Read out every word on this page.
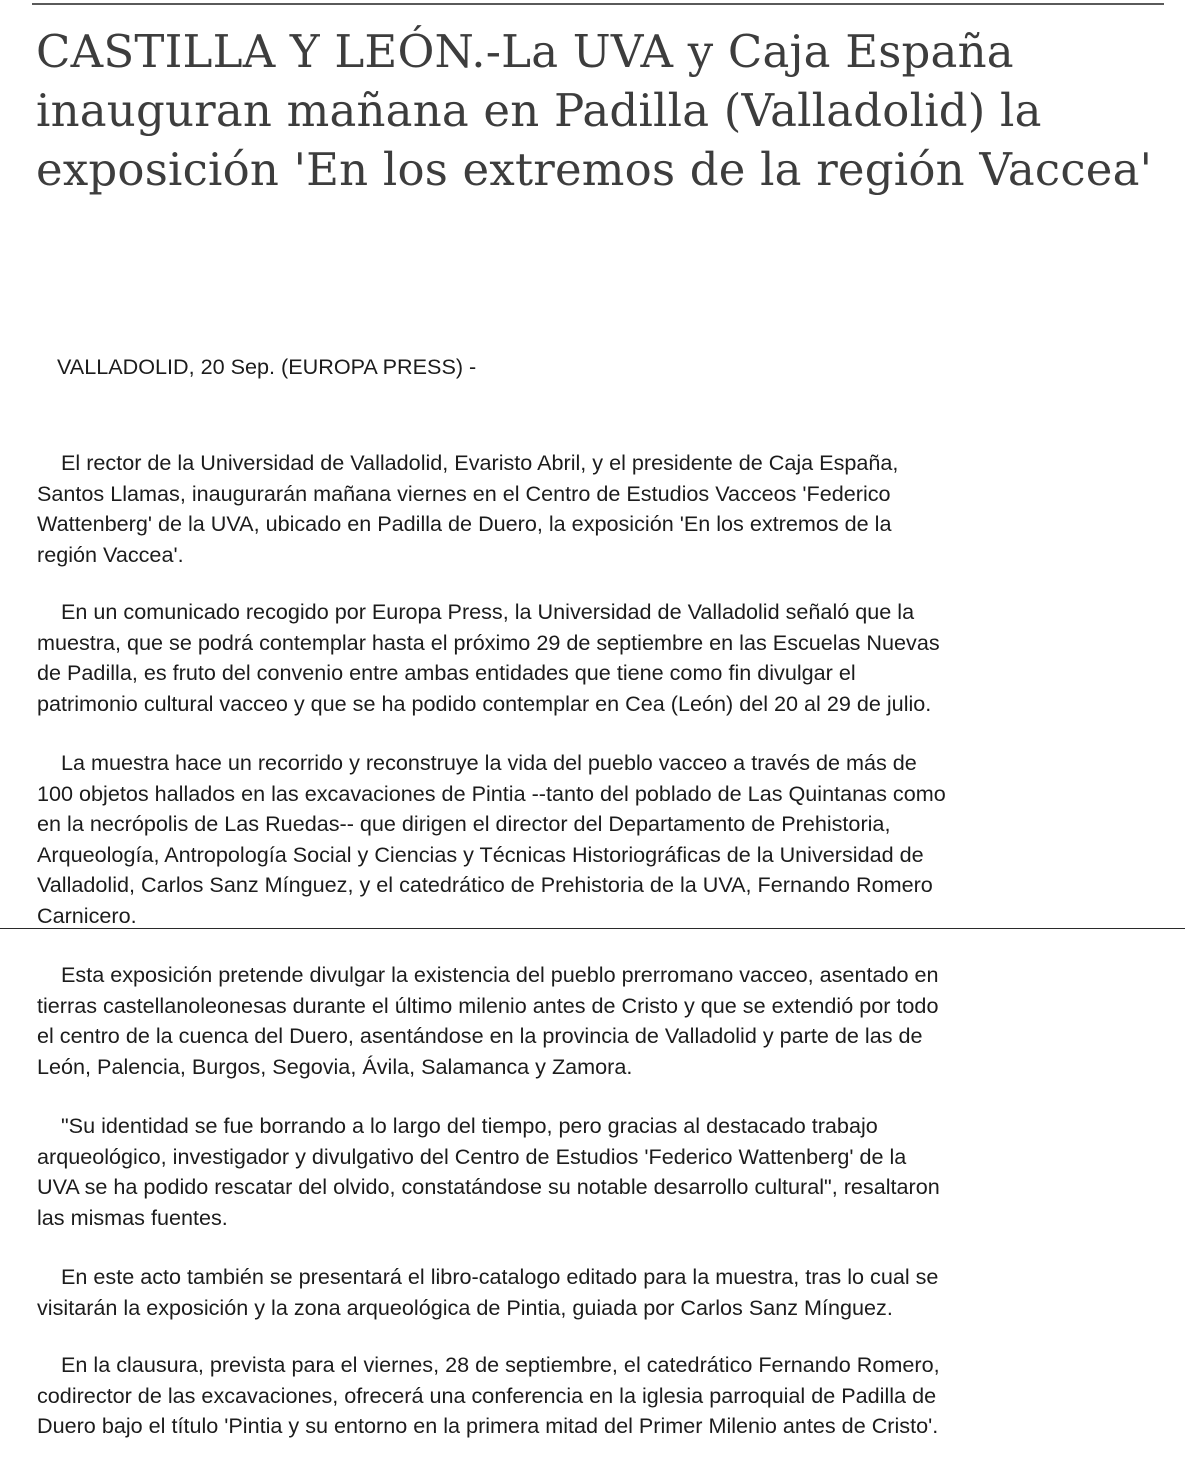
CASTILLA Y LEÓN.-La UVA y Caja España inauguran mañana en Padilla (Valladolid) la exposición 'En los extremos de la región Vaccea'

VALLADOLID, 20 Sep. (EUROPA PRESS) -

El rector de la Universidad de Valladolid, Evaristo Abril, y el presidente de Caja España,
Santos Llamas, inaugurarán mañana viernes en el Centro de Estudios Vacceos 'Federico
Wattenberg' de la UVA, ubicado en Padilla de Duero, la exposición 'En los extremos de la
región Vaccea'.

En un comunicado recogido por Europa Press, la Universidad de Valladolid señaló que la
muestra, que se podrá contemplar hasta el próximo 29 de septiembre en las Escuelas Nuevas
de Padilla, es fruto del convenio entre ambas entidades que tiene como fin divulgar el
patrimonio cultural vacceo y que se ha podido contemplar en Cea (León) del 20 al 29 de julio.

La muestra hace un recorrido y reconstruye la vida del pueblo vacceo a través de más de
100 objetos hallados en las excavaciones de Pintia --tanto del poblado de Las Quintanas como
en la necrópolis de Las Ruedas-- que dirigen el director del Departamento de Prehistoria,
Arqueología, Antropología Social y Ciencias y Técnicas Historiográficas de la Universidad de
Valladolid, Carlos Sanz Mínguez, y el catedrático de Prehistoria de la UVA, Fernando Romero
Carnicero.

Esta exposición pretende divulgar la existencia del pueblo prerromano vacceo, asentado en
tierras castellanoleonesas durante el último milenio antes de Cristo y que se extendió por todo
el centro de la cuenca del Duero, asentándose en la provincia de Valladolid y parte de las de
León, Palencia, Burgos, Segovia, Ávila, Salamanca y Zamora.

"Su identidad se fue borrando a lo largo del tiempo, pero gracias al destacado trabajo
arqueológico, investigador y divulgativo del Centro de Estudios 'Federico Wattenberg' de la
UVA se ha podido rescatar del olvido, constatándose su notable desarrollo cultural", resaltaron
las mismas fuentes.

En este acto también se presentará el libro-catalogo editado para la muestra, tras lo cual se
visitarán la exposición y la zona arqueológica de Pintia, guiada por Carlos Sanz Mínguez.

En la clausura, prevista para el viernes, 28 de septiembre, el catedrático Fernando Romero,
codirector de las excavaciones, ofrecerá una conferencia en la iglesia parroquial de Padilla de
Duero bajo el título 'Pintia y su entorno en la primera mitad del Primer Milenio antes de Cristo'.
